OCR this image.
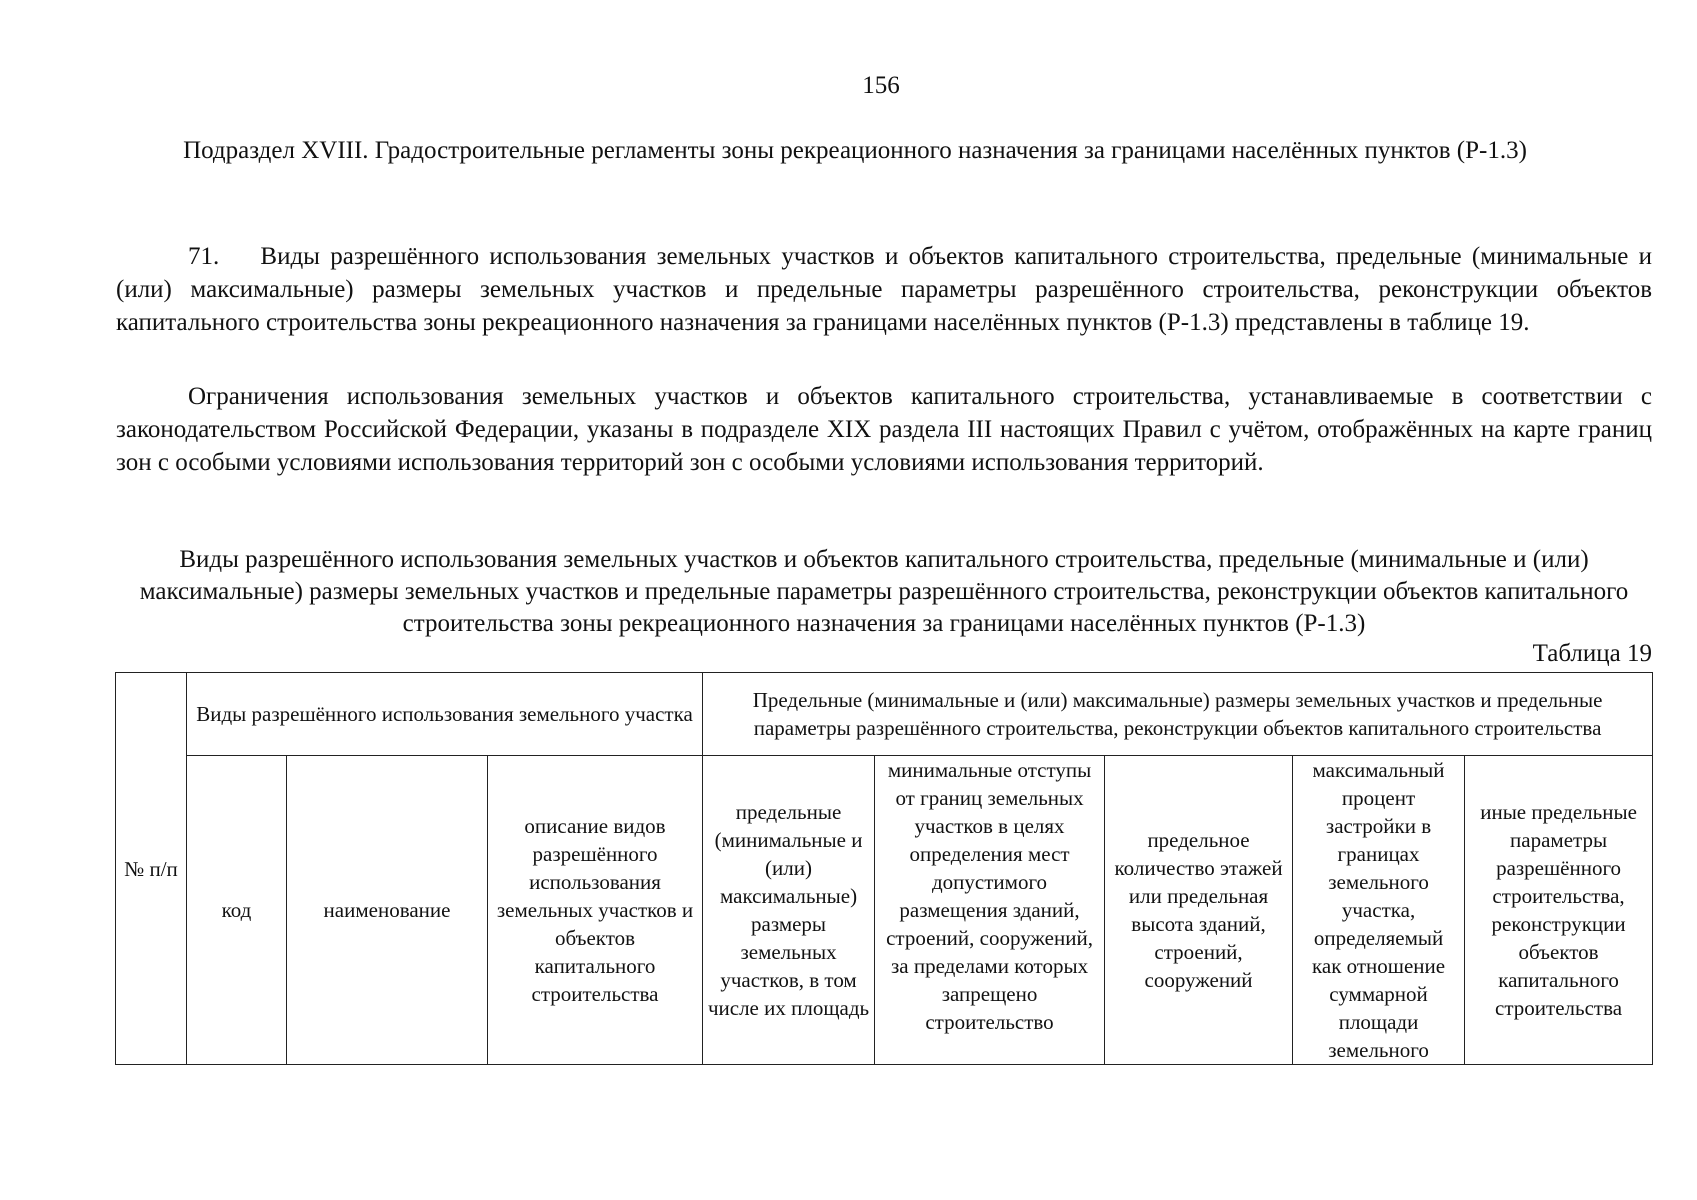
156
Подраздел XVIII. Градостроительные регламенты зоны рекреационного назначения за границами населённых пунктов (Р-1.3)

71.    Виды разрешённого использования земельных участков и объектов капитального строительства, предельные (минимальные и (или) максимальные) размеры земельных участков и предельные параметры разрешённого строительства, реконструкции объектов капитального строительства зоны рекреационного назначения за границами населённых пунктов (Р-1.3) представлены в таблице 19.

Ограничения использования земельных участков и объектов капитального строительства, устанавливаемые в соответствии с законодательством Российской Федерации, указаны в подразделе XIX раздела III настоящих Правил с учётом, отображённых на карте границ зон с особыми условиями использования территорий зон с особыми условиями использования территорий.

Виды разрешённого использования земельных участков и объектов капитального строительства, предельные (минимальные и (или) максимальные) размеры земельных участков и предельные параметры разрешённого строительства, реконструкции объектов капитального строительства зоны рекреационного назначения за границами населённых пунктов (Р-1.3)
Таблица 19
№ п/п	Виды разрешённого использования земельного участка			Предельные (минимальные и (или) максимальные) размеры земельных участков и предельные параметры разрешённого строительства, реконструкции объектов капитального строительства				
	код	наименование	описание видов разрешённого использования земельных участков и объектов капитального строительства	предельные (минимальные и (или) максимальные) размеры земельных участков, в том числе их площадь	минимальные отступы от границ земельных участков в целях определения мест допустимого размещения зданий, строений, сооружений, за пределами которых запрещено строительство	предельное количество этажей или предельная высота зданий, строений, сооружений	максимальный процент застройки в границах земельного участка, определяемый как отношение суммарной площади земельного	иные предельные параметры разрешённого строительства, реконструкции объектов капитального строительства
